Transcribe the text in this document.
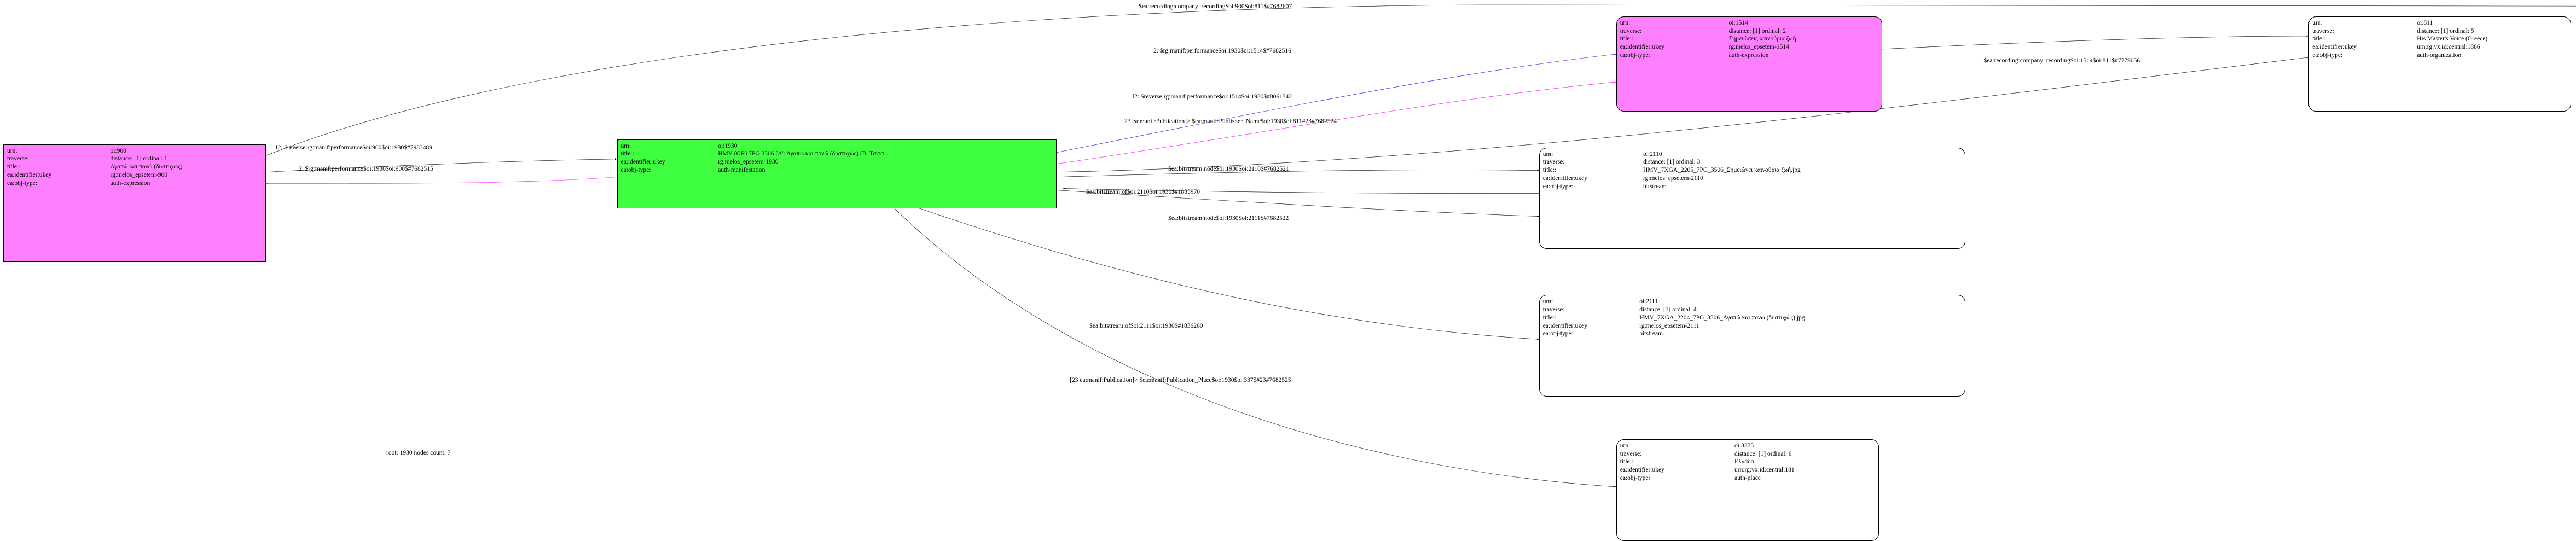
urn:	oi:900
traverse:	distance: [1] ordinal: 1
title::	Αγαπώ και πονώ (δυστυχώς)
ea:identifier:ukey	rg:melos_epsetem-900
ea:obj-type:	auth-expression
urn:	oi:1930
title::	HMV (GR) 7PG 3506 [Α': Αγαπώ και πονώ (δυστυχώς) (Β. Τσιτσ...
ea:identifier:ukey	rg:melos_epsetem-1930
ea:obj-type:	auth-manifestation
urn:	oi:1514
traverse:	distance: [1] ordinal: 2
title::	Σημειώσεις καινούρια ζωή
ea:identifier:ukey	rg:melos_epsetem-1514
ea:obj-type:	auth-expression
urn:	oi:811
traverse:	distance: [1] ordinal: 5
title::	His Master's Voice (Greece)
ea:identifier:ukey	urn:rg:vx:id:central:1886
ea:obj-type:	auth-organization
urn:	oi:2110
traverse:	distance: [1] ordinal: 3
title::	HMV_7XGA_2205_7PG_3506_Σημειώνει καινούρια ζωή.jpg
ea:identifier:ukey	rg:melos_epsetem-2110
ea:obj-type:	bitstream
urn:	oi:2111
traverse:	distance: [1] ordinal: 4
title::	HMV_7XGA_2204_7PG_3506_Αγαπώ και πονώ (δυστυχώς).jpg
ea:identifier:ukey	rg:melos_epsetem-2111
ea:obj-type:	bitstream
urn:	oi:3375
traverse:	distance: [1] ordinal: 6
title::	Ελλάδα
ea:identifier:ukey	urn:rg:vx:id:central:181
ea:obj-type:	auth-place
$ea:recording:company_recording$oi:900$oi:811$#7682607
2: $rg:manif:performance$oi:1930$oi:1514$#7682516
I2: $reverse:rg:manif:performance$oi:1514$oi:1930$#8061342
$ea:recording:company_recording$oi:1514$oi:811$#7779056
[23 ea:manif:Publication]> $ea:manif:Publisher_Name$oi:1930$oi:811#23#7682524
I2: $reverse:rg:manif:performance$oi:900$oi:1930$#7933489
2: $rg:manif:performance$oi:1930$oi:900$#7682515	$ea:bitstream:node$oi:1930$oi:2110$#7682521
$ea:bitstream:of$oi:2110$oi:1930$#1835970
$ea:bitstream:node$oi:1930$oi:2111$#7682522
$ea:bitstream:of$oi:2111$oi:1930$#1836260
[23 ea:manif:Publication]> $ea:manif:Publication_Place$oi:1930$oi:3375#23#7682525
root: 1930 nodes count: 7
